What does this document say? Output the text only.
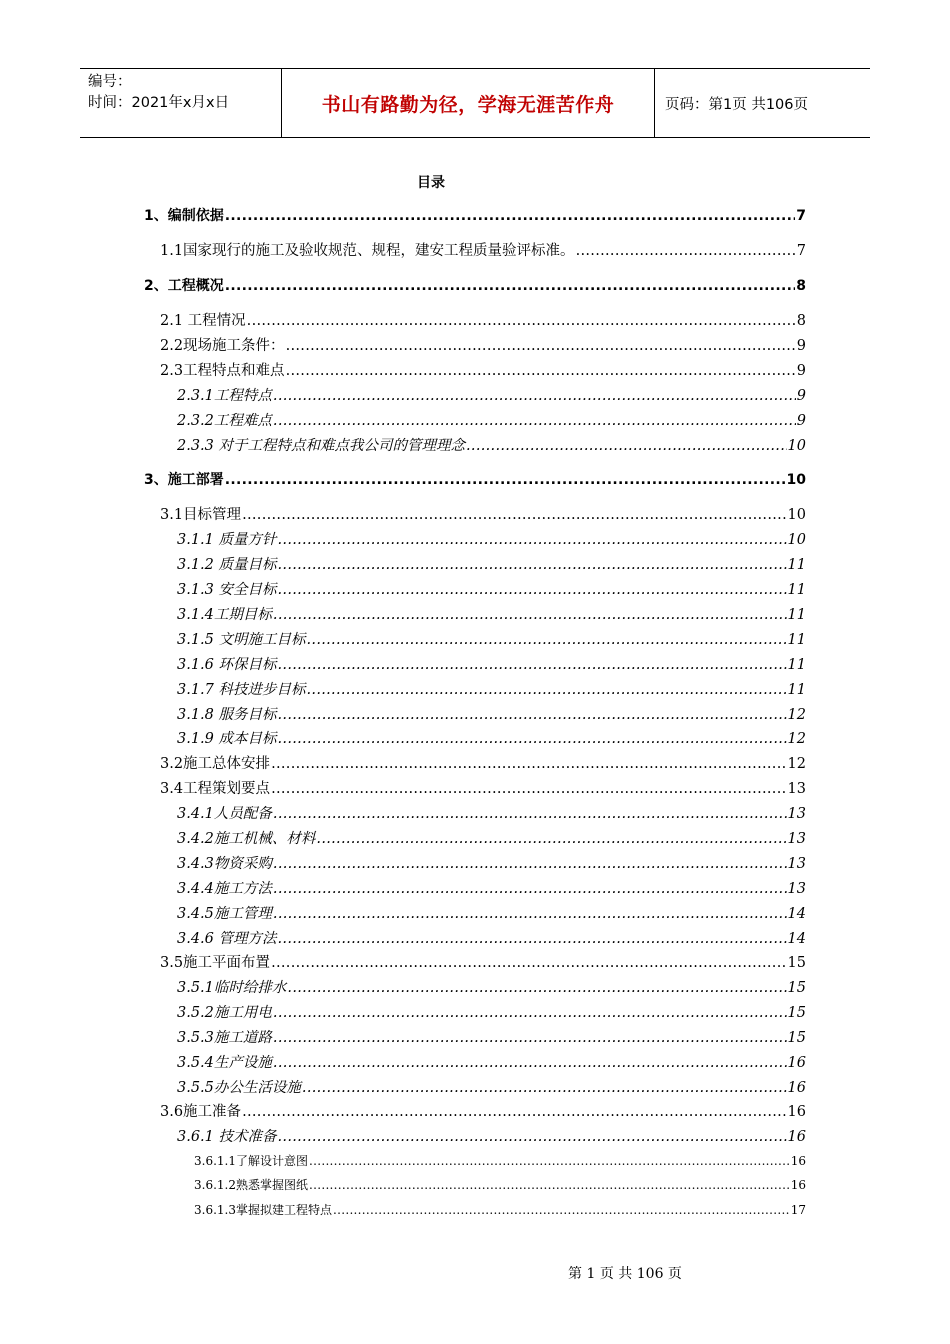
编号：
时间：2021年x月x日	书山有路勤为径，学海无涯苦作舟	页码：第1页 共106页
目录
1、编制依据 .....	7
1.1国家现行的施工及验收规范、规程，建安工程质量验评标准。 .....	7
2、工程概况 .....	8
2.1 工程情况 .....	8
2.2现场施工条件： .....	9
2.3工程特点和难点 .....	9
2.3.1工程特点 .....	9
2.3.2工程难点 .....	9
2.3.3 对于工程特点和难点我公司的管理理念 .....	10
3、施工部署 .....	10
3.1目标管理 .....	10
3.1.1 质量方针 .....	10
3.1.2 质量目标 .....	11
3.1.3 安全目标 .....	11
3.1.4工期目标 .....	11
3.1.5 文明施工目标 .....	11
3.1.6 环保目标 .....	11
3.1.7 科技进步目标 .....	11
3.1.8 服务目标 .....	12
3.1.9 成本目标 .....	12
3.2施工总体安排 .....	12
3.4工程策划要点 .....	13
3.4.1人员配备 .....	13
3.4.2施工机械、材料 .....	13
3.4.3物资采购 .....	13
3.4.4施工方法 .....	13
3.4.5施工管理 .....	14
3.4.6 管理方法 .....	14
3.5施工平面布置 .....	15
3.5.1临时给排水 .....	15
3.5.2施工用电 .....	15
3.5.3施工道路 .....	15
3.5.4生产设施 .....	16
3.5.5办公生活设施 .....	16
3.6施工准备 .....	16
3.6.1 技术准备 .....	16
3.6.1.1了解设计意图 .....	16
3.6.1.2熟悉掌握图纸 .....	16
3.6.1.3掌握拟建工程特点 .....	17
第 1 页 共 106 页
